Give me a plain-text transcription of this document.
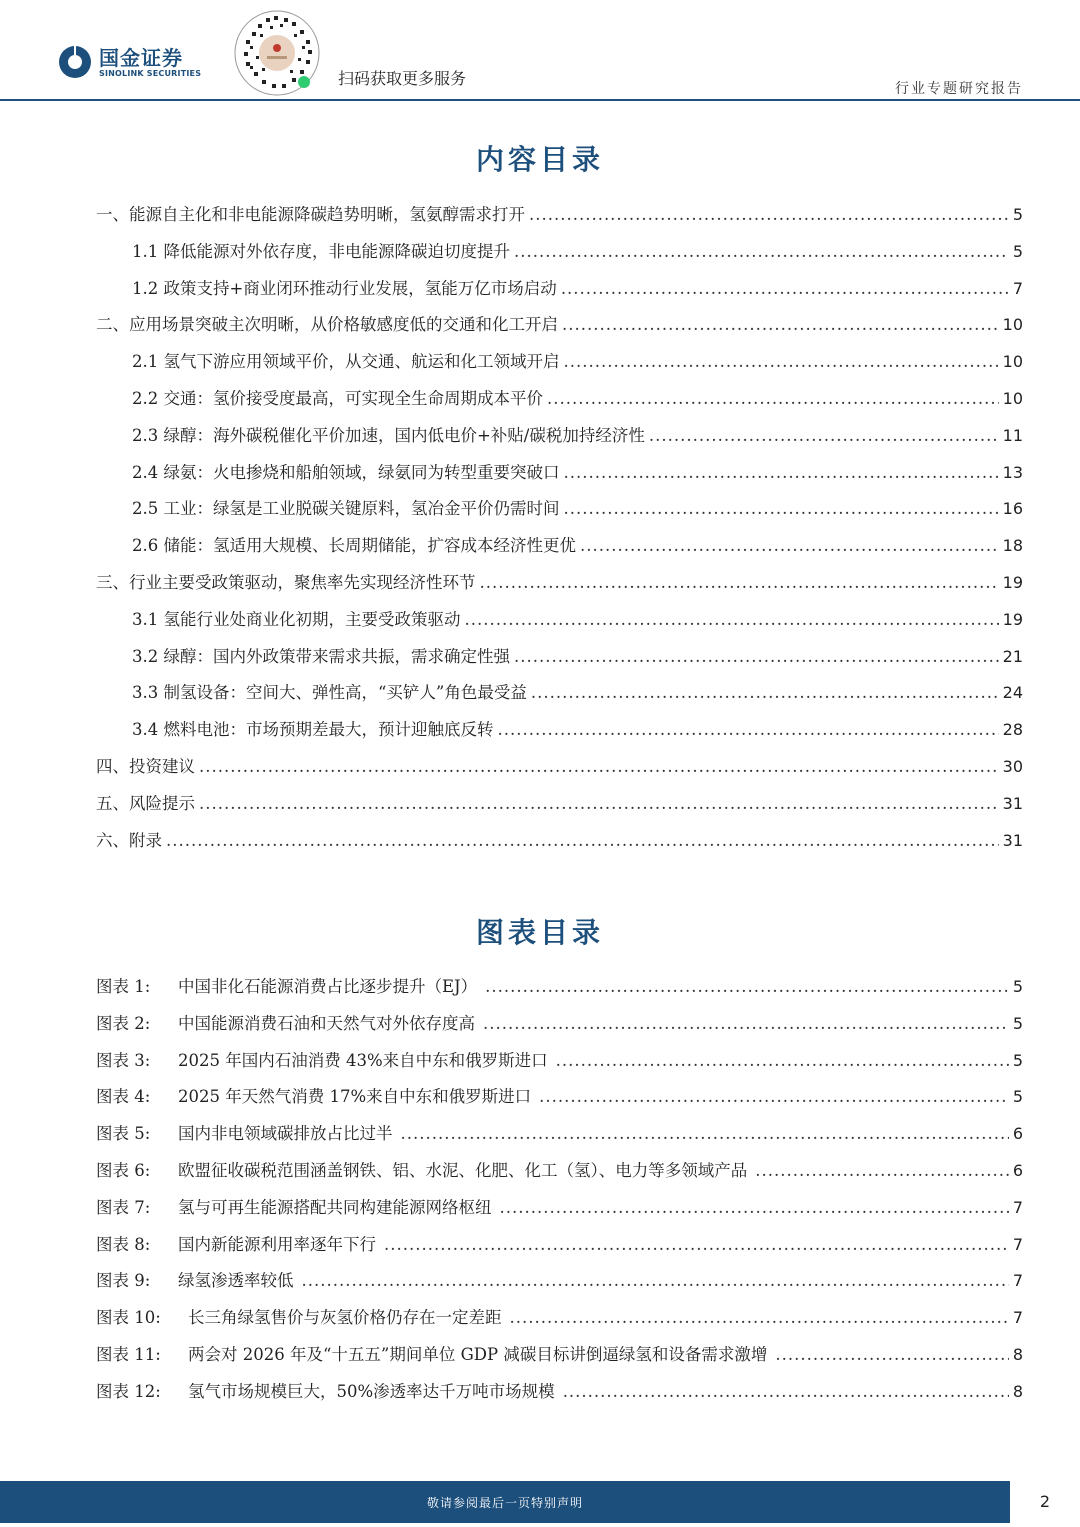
国金证券
SINOLINK SECURITIES	扫码获取更多服务
行业专题研究报告
内容目录
一、能源自主化和非电能源降碳趋势明晰，氢氨醇需求打开 .....	5
1.1 降低能源对外依存度，非电能源降碳迫切度提升 .....	5
1.2 政策支持+商业闭环推动行业发展，氢能万亿市场启动 .....	7
二、应用场景突破主次明晰，从价格敏感度低的交通和化工开启 .....	10
2.1 氢气下游应用领域平价，从交通、航运和化工领域开启 .....	10
2.2 交通：氢价接受度最高，可实现全生命周期成本平价 .....	10
2.3 绿醇：海外碳税催化平价加速，国内低电价+补贴/碳税加持经济性 .....	11
2.4 绿氨：火电掺烧和船舶领域，绿氨同为转型重要突破口 .....	13
2.5 工业：绿氢是工业脱碳关键原料，氢冶金平价仍需时间 .....	16
2.6 储能：氢适用大规模、长周期储能，扩容成本经济性更优 .....	18
三、行业主要受政策驱动，聚焦率先实现经济性环节 .....	19
3.1 氢能行业处商业化初期，主要受政策驱动 .....	19
3.2 绿醇：国内外政策带来需求共振，需求确定性强 .....	21
3.3 制氢设备：空间大、弹性高，“买铲人”角色最受益 .....	24
3.4 燃料电池：市场预期差最大，预计迎触底反转 .....	28
四、投资建议 .....	30
五、风险提示 .....	31
六、附录 .....	31
图表目录
图表 1:	中国非化石能源消费占比逐步提升（EJ） .....	5
图表 2:	中国能源消费石油和天然气对外依存度高 .....	5
图表 3:	2025 年国内石油消费 43%来自中东和俄罗斯进口 .....	5
图表 4:	2025 年天然气消费 17%来自中东和俄罗斯进口 .....	5
图表 5:	国内非电领域碳排放占比过半 .....	6
图表 6:	欧盟征收碳税范围涵盖钢铁、铝、水泥、化肥、化工（氢）、电力等多领域产品 .....	6
图表 7:	氢与可再生能源搭配共同构建能源网络枢纽 .....	7
图表 8:	国内新能源利用率逐年下行 .....	7
图表 9:	绿氢渗透率较低 .....	7
图表 10:	长三角绿氢售价与灰氢价格仍存在一定差距 .....	7
图表 11:	两会对 2026 年及“十五五”期间单位 GDP 减碳目标讲倒逼绿氢和设备需求激增 .....	8
图表 12:	氢气市场规模巨大，50%渗透率达千万吨市场规模 .....	8
敬请参阅最后一页特别声明	2
